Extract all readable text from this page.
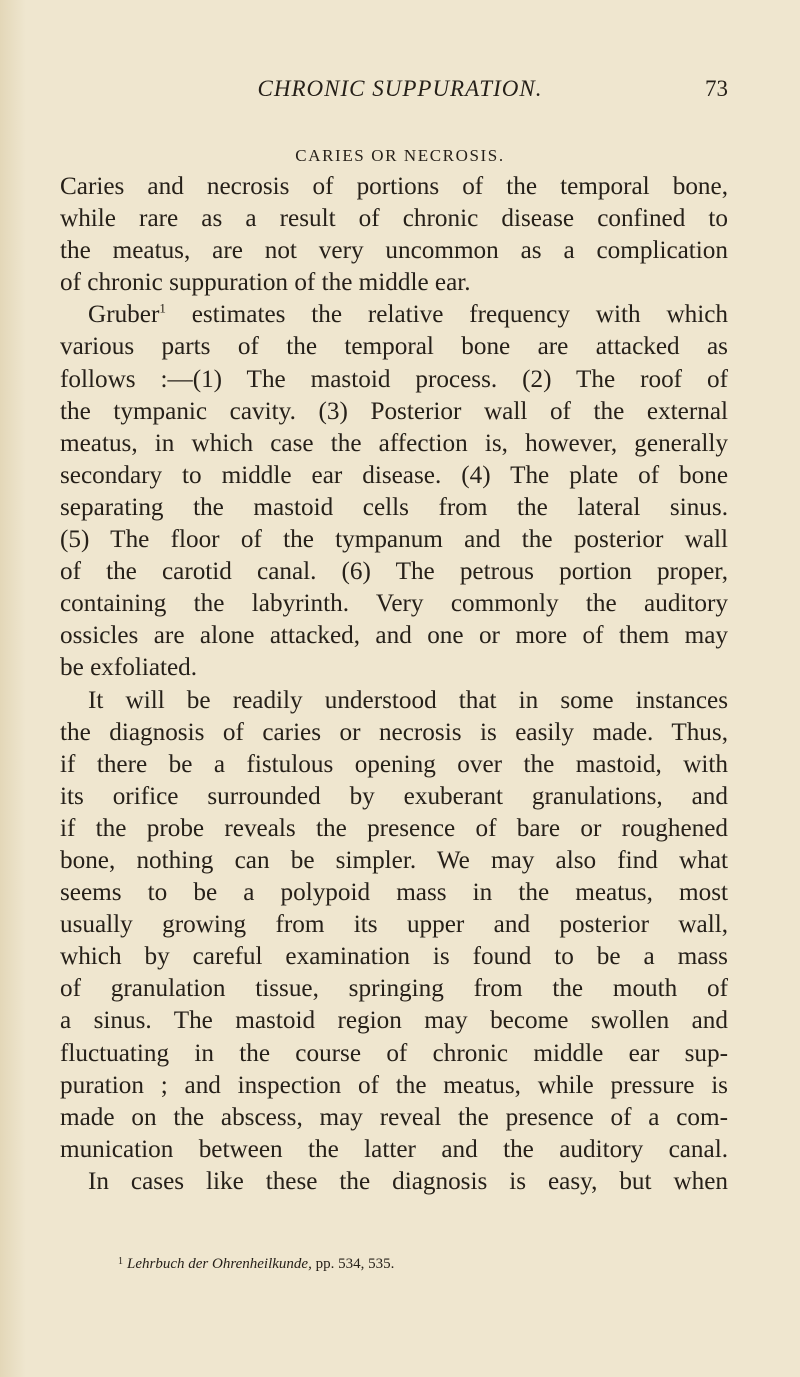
CHRONIC SUPPURATION.	73
CARIES OR NECROSIS.
Caries and necrosis of portions of the temporal bone,
while rare as a result of chronic disease confined to
the meatus, are not very uncommon as a complication
of chronic suppuration of the middle ear.
Gruber$^1$ estimates the relative frequency with which
various parts of the temporal bone are attacked as
follows :—(1) The mastoid process. (2) The roof of
the tympanic cavity. (3) Posterior wall of the external
meatus, in which case the affection is, however, generally
secondary to middle ear disease. (4) The plate of bone
separating the mastoid cells from the lateral sinus.
(5) The floor of the tympanum and the posterior wall
of the carotid canal. (6) The petrous portion proper,
containing the labyrinth. Very commonly the auditory
ossicles are alone attacked, and one or more of them may
be exfoliated.
It will be readily understood that in some instances
the diagnosis of caries or necrosis is easily made. Thus,
if there be a fistulous opening over the mastoid, with
its orifice surrounded by exuberant granulations, and
if the probe reveals the presence of bare or roughened
bone, nothing can be simpler. We may also find what
seems to be a polypoid mass in the meatus, most
usually growing from its upper and posterior wall,
which by careful examination is found to be a mass
of granulation tissue, springing from the mouth of
a sinus. The mastoid region may become swollen and
fluctuating in the course of chronic middle ear sup-
puration ; and inspection of the meatus, while pressure is
made on the abscess, may reveal the presence of a com-
munication between the latter and the auditory canal.
In cases like these the diagnosis is easy, but when
$^1$ Lehrbuch der Ohrenheilkunde, pp. 534, 535.
